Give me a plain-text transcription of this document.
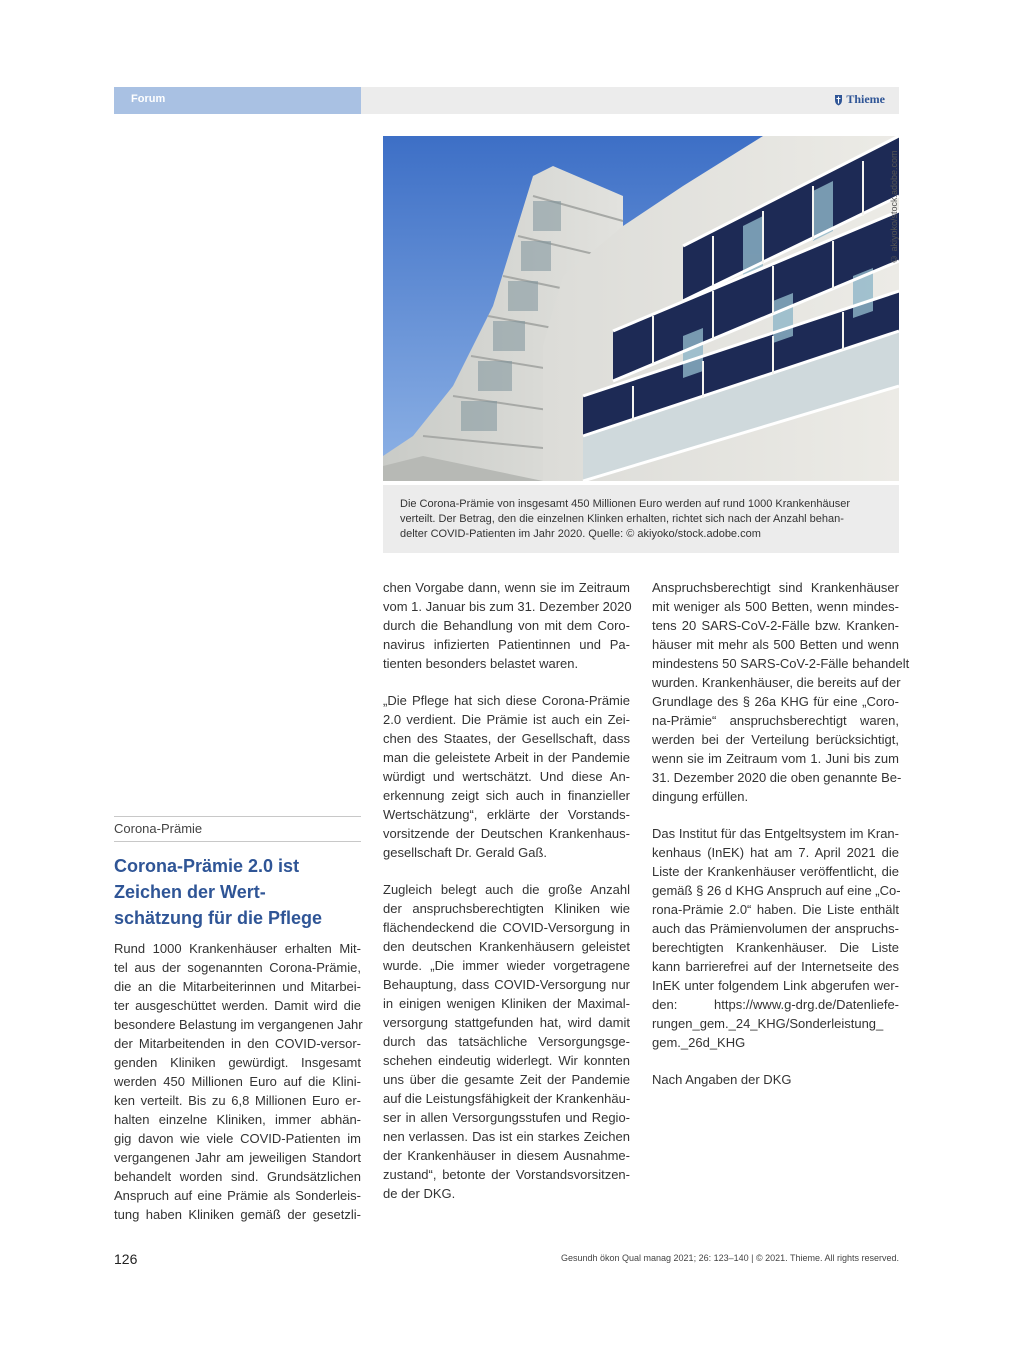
Forum	Thieme
© akiyoko/stock.adobe.com
Die Corona-Prämie von insgesamt 450 Millionen Euro werden auf rund 1000 Krankenhäuser
verteilt. Der Betrag, den die einzelnen Klinken erhalten, richtet sich nach der Anzahl behan-
delter COVID-Patienten im Jahr 2020. Quelle: © akiyoko/stock.adobe.com
Corona-Prämie
Corona-Prämie 2.0 ist
Zeichen der Wert-
schätzung für die Pflege
Rund 1000 Krankenhäuser erhalten Mit-
tel aus der sogenannten Corona-Prämie,
die an die Mitarbeiterinnen und Mitarbei-
ter ausgeschüttet werden. Damit wird die
besondere Belastung im vergangenen Jahr
der Mitarbeitenden in den COVID-versor-
genden Kliniken gewürdigt. Insgesamt
werden 450 Millionen Euro auf die Klini-
ken verteilt. Bis zu 6,8 Millionen Euro er-
halten einzelne Kliniken, immer abhän-
gig davon wie viele COVID-Patienten im
vergangenen Jahr am jeweiligen Standort
behandelt worden sind. Grundsätzlichen
Anspruch auf eine Prämie als Sonderleis-
tung haben Kliniken gemäß der gesetzli-
chen Vorgabe dann, wenn sie im Zeitraum
vom 1. Januar bis zum 31. Dezember 2020
durch die Behandlung von mit dem Coro-
navirus infizierten Patientinnen und Pa-
tienten besonders belastet waren.
„Die Pflege hat sich diese Corona-Prämie
2.0 verdient. Die Prämie ist auch ein Zei-
chen des Staates, der Gesellschaft, dass
man die geleistete Arbeit in der Pandemie
würdigt und wertschätzt. Und diese An-
erkennung zeigt sich auch in finanzieller
Wertschätzung“, erklärte der Vorstands-
vorsitzende der Deutschen Krankenhaus-
gesellschaft Dr. Gerald Gaß.
Zugleich belegt auch die große Anzahl
der anspruchsberechtigten Kliniken wie
flächendeckend die COVID-Versorgung in
den deutschen Krankenhäusern geleistet
wurde. „Die immer wieder vorgetragene
Behauptung, dass COVID-Versorgung nur
in einigen wenigen Kliniken der Maximal-
versorgung stattgefunden hat, wird damit
durch das tatsächliche Versorgungsge-
schehen eindeutig widerlegt. Wir konnten
uns über die gesamte Zeit der Pandemie
auf die Leistungsfähigkeit der Krankenhäu-
ser in allen Versorgungsstufen und Regio-
nen verlassen. Das ist ein starkes Zeichen
der Krankenhäuser in diesem Ausnahme-
zustand“, betonte der Vorstandsvorsitzen-
de der DKG.
Anspruchsberechtigt sind Krankenhäuser
mit weniger als 500 Betten, wenn mindes-
tens 20 SARS-CoV-2-Fälle bzw. Kranken-
häuser mit mehr als 500 Betten und wenn
mindestens 50 SARS-CoV-2-Fälle behandelt
wurden. Krankenhäuser, die bereits auf der
Grundlage des § 26a KHG für eine „Coro-
na-Prämie“ anspruchsberechtigt waren,
werden bei der Verteilung berücksichtigt,
wenn sie im Zeitraum vom 1. Juni bis zum
31. Dezember 2020 die oben genannte Be-
dingung erfüllen.
Das Institut für das Entgeltsystem im Kran-
kenhaus (InEK) hat am 7. April 2021 die
Liste der Krankenhäuser veröffentlicht, die
gemäß § 26 d KHG Anspruch auf eine „Co-
rona-Prämie 2.0“ haben. Die Liste enthält
auch das Prämienvolumen der anspruchs-
berechtigten Krankenhäuser. Die Liste
kann barrierefrei auf der Internetseite des
InEK unter folgendem Link abgerufen wer-
den: https://www.g-drg.de/Datenliefe-
rungen_gem._24_KHG/Sonderleistung_
gem._26d_KHG
Nach Angaben der DKG
126	Gesundh ökon Qual manag 2021; 26: 123–140 | © 2021. Thieme. All rights reserved.
